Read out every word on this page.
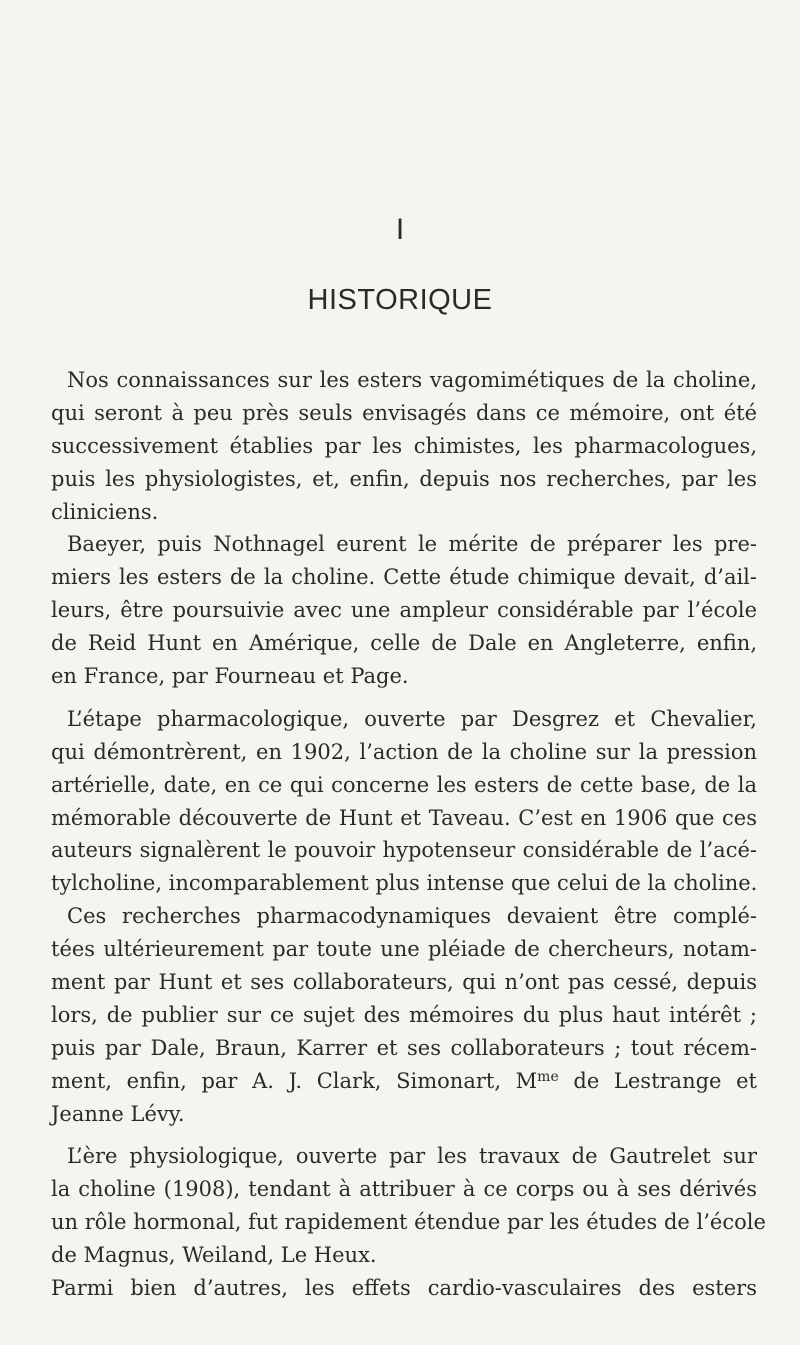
I
HISTORIQUE
Nos connaissances sur les esters vagomimétiques de la choline,
qui seront à peu près seuls envisagés dans ce mémoire, ont été
successivement établies par les chimistes, les pharmacologues,
puis les physiologistes, et, enfin, depuis nos recherches, par les
cliniciens.
Baeyer, puis Nothnagel eurent le mérite de préparer les pre-
miers les esters de la choline. Cette étude chimique devait, d’ail-
leurs, être poursuivie avec une ampleur considérable par l’école
de Reid Hunt en Amérique, celle de Dale en Angleterre, enfin,
en France, par Fourneau et Page.
L’étape pharmacologique, ouverte par Desgrez et Chevalier,
qui démontrèrent, en 1902, l’action de la choline sur la pression
artérielle, date, en ce qui concerne les esters de cette base, de la
mémorable découverte de Hunt et Taveau. C’est en 1906 que ces
auteurs signalèrent le pouvoir hypotenseur considérable de l’acé-
tylcholine, incomparablement plus intense que celui de la choline.
Ces recherches pharmacodynamiques devaient être complé-
tées ultérieurement par toute une pléiade de chercheurs, notam-
ment par Hunt et ses collaborateurs, qui n’ont pas cessé, depuis
lors, de publier sur ce sujet des mémoires du plus haut intérêt ;
puis par Dale, Braun, Karrer et ses collaborateurs ; tout récem-
ment, enfin, par A. J. Clark, Simonart, $M^{me}$ de Lestrange et
Jeanne Lévy.
L’ère physiologique, ouverte par les travaux de Gautrelet sur
la choline (1908), tendant à attribuer à ce corps ou à ses dérivés
un rôle hormonal, fut rapidement étendue par les études de l’école
de Magnus, Weiland, Le Heux.
Parmi bien d’autres, les effets cardio-vasculaires des esters
